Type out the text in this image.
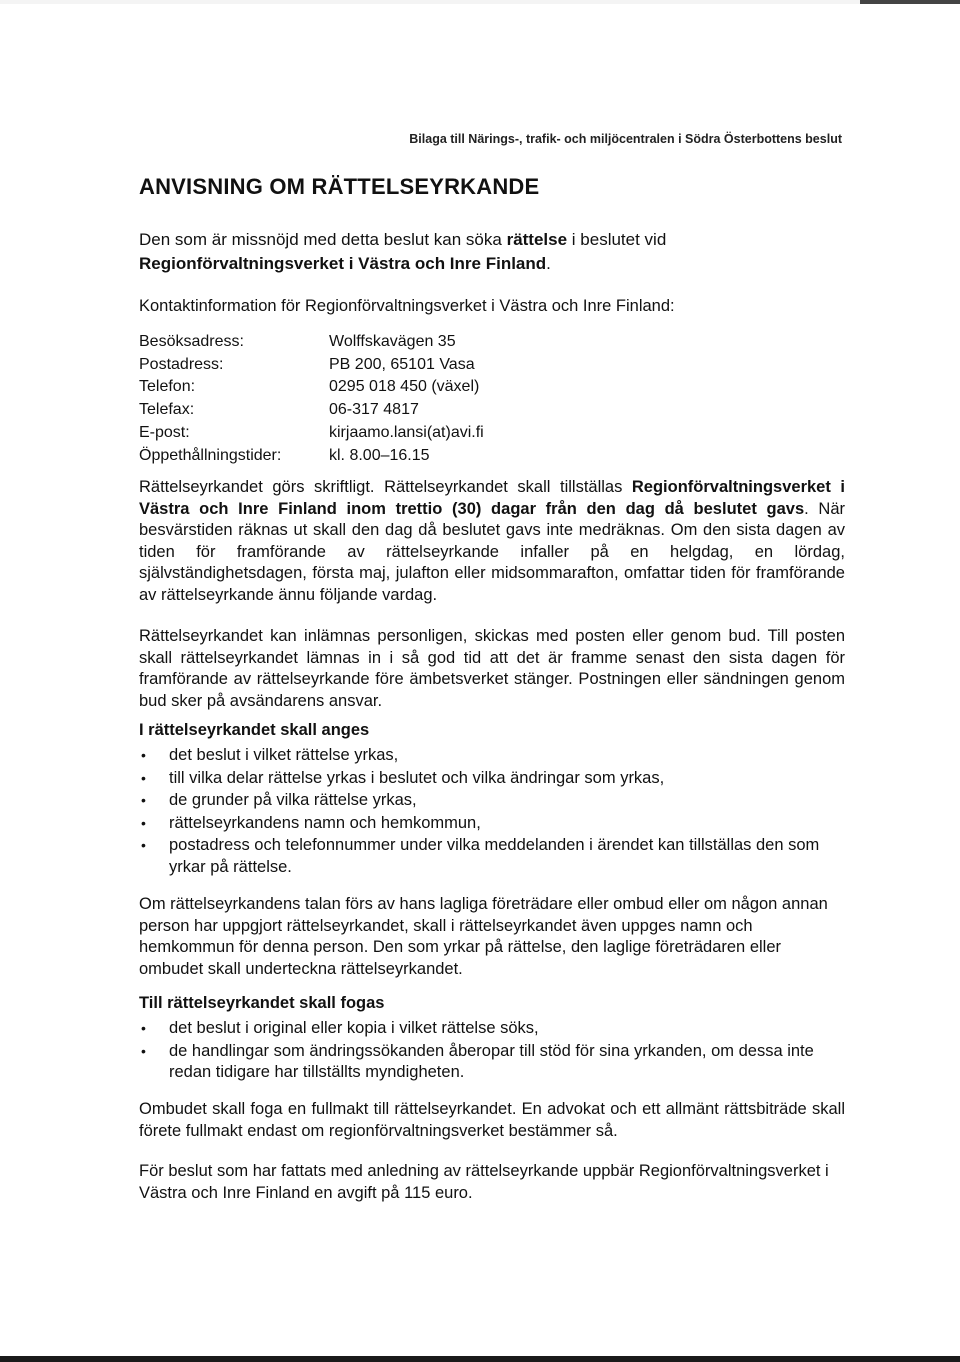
Bilaga till Närings-, trafik- och miljöcentralen i Södra Österbottens beslut
ANVISNING OM RÄTTELSEYRKANDE

Den som är missnöjd med detta beslut kan söka rättelse i beslutet vid
Regionförvaltningsverket i Västra och Inre Finland.

Kontaktinformation för Regionförvaltningsverket i Västra och Inre Finland:
Besöksadress:	Wolffskavägen 35
Postadress:	PB 200, 65101 Vasa
Telefon:	0295 018 450 (växel)
Telefax:	06-317 4817
E-post:	kirjaamo.lansi(at)avi.fi
Öppethållningstider:	kl. 8.00–16.15

Rättelseyrkandet görs skriftligt. Rättelseyrkandet skall tillställas Regionförvaltningsverket i Västra och Inre Finland inom trettio (30) dagar från den dag då beslutet gavs. När besvärstiden räknas ut skall den dag då beslutet gavs inte medräknas. Om den sista dagen av tiden för framförande av rättelseyrkande infaller på en helgdag, en lördag, självständighetsdagen, första maj, julafton eller midsommarafton, omfattar tiden för framförande av rättelseyrkande ännu följande vardag.

Rättelseyrkandet kan inlämnas personligen, skickas med posten eller genom bud. Till posten skall rättelseyrkandet lämnas in i så god tid att det är framme senast den sista dagen för framförande av rättelseyrkande före ämbetsverket stänger. Postningen eller sändningen genom bud sker på avsändarens ansvar.
I rättelseyrkandet skall anges
• det beslut i vilket rättelse yrkas,
• till vilka delar rättelse yrkas i beslutet och vilka ändringar som yrkas,
• de grunder på vilka rättelse yrkas,
• rättelseyrkandens namn och hemkommun,
• postadress och telefonnummer under vilka meddelanden i ärendet kan tillställas den som yrkar på rättelse.
Om rättelseyrkandens talan förs av hans lagliga företrädare eller ombud eller om någon annan person har uppgjort rättelseyrkandet, skall i rättelseyrkandet även uppges namn och hemkommun för denna person. Den som yrkar på rättelse, den laglige företrädaren eller ombudet skall underteckna rättelseyrkandet.
Till rättelseyrkandet skall fogas
• det beslut i original eller kopia i vilket rättelse söks,
• de handlingar som ändringssökanden åberopar till stöd för sina yrkanden, om dessa inte redan tidigare har tillställts myndigheten.
Ombudet skall foga en fullmakt till rättelseyrkandet. En advokat och ett allmänt rättsbiträde skall förete fullmakt endast om regionförvaltningsverket bestämmer så.
För beslut som har fattats med anledning av rättelseyrkande uppbär Regionförvaltningsverket i Västra och Inre Finland en avgift på 115 euro.
